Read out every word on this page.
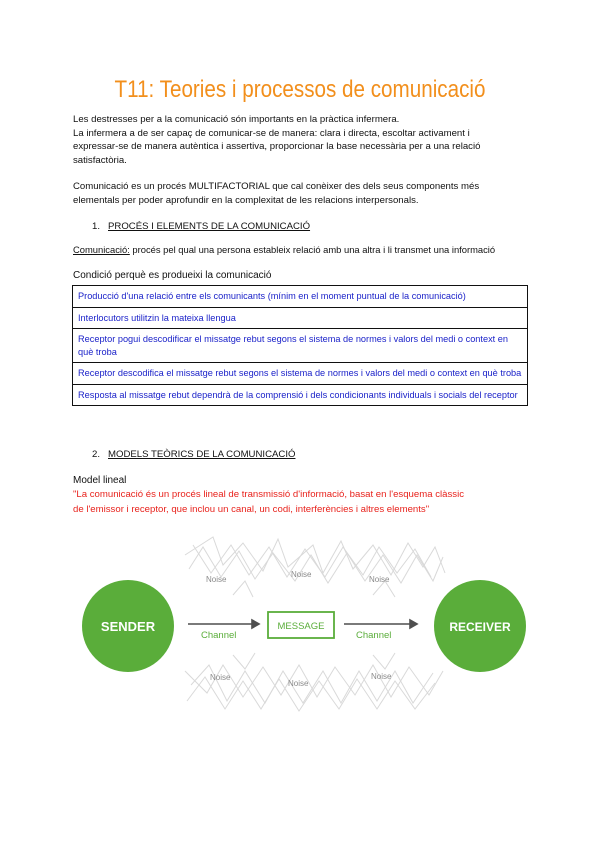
T11: Teories i processos de comunicació
Les destresses per a la comunicació són importants en la pràctica infermera.
La infermera a de ser capaç de comunicar-se de manera: clara i directa, escoltar activament i
expressar-se de manera autèntica i assertiva, proporcionar la base necessària per a una relació
satisfactòria.
Comunicació es un procés MULTIFACTORIAL que cal conèixer des dels seus components més
elementals per poder aprofundir en la complexitat de les relacions interpersonals.
1. PROCÉS I ELEMENTS DE LA COMUNICACIÓ

Comunicació: procés pel qual una persona estableix relació amb una altra i li transmet una informació

Condició perquè es produeixi la comunicació

Producció d'una relació entre els comunicants (mínim en el moment puntual de la comunicació)
Interlocutors utilitzin la mateixa llengua
Receptor pogui descodificar el missatge rebut segons el sistema de normes i valors del medi o context en què troba
Receptor descodifica el missatge rebut segons el sistema de normes i valors del medi o context en què troba
Resposta al missatge rebut dependrà de la comprensió i dels condicionants individuals i socials del receptor
2. MODELS TEÒRICS DE LA COMUNICACIÓ

Model lineal

"La comunicació és un procés lineal de transmissió d'informació, basat en l'esquema clàssic
de l'emissor i receptor, que inclou un canal, un codi, interferències i altres elements"
Noise
Noise
Noise
Noise
Noise
Noise
SENDER	RECEIVER
MESSAGE
Channel	Channel
